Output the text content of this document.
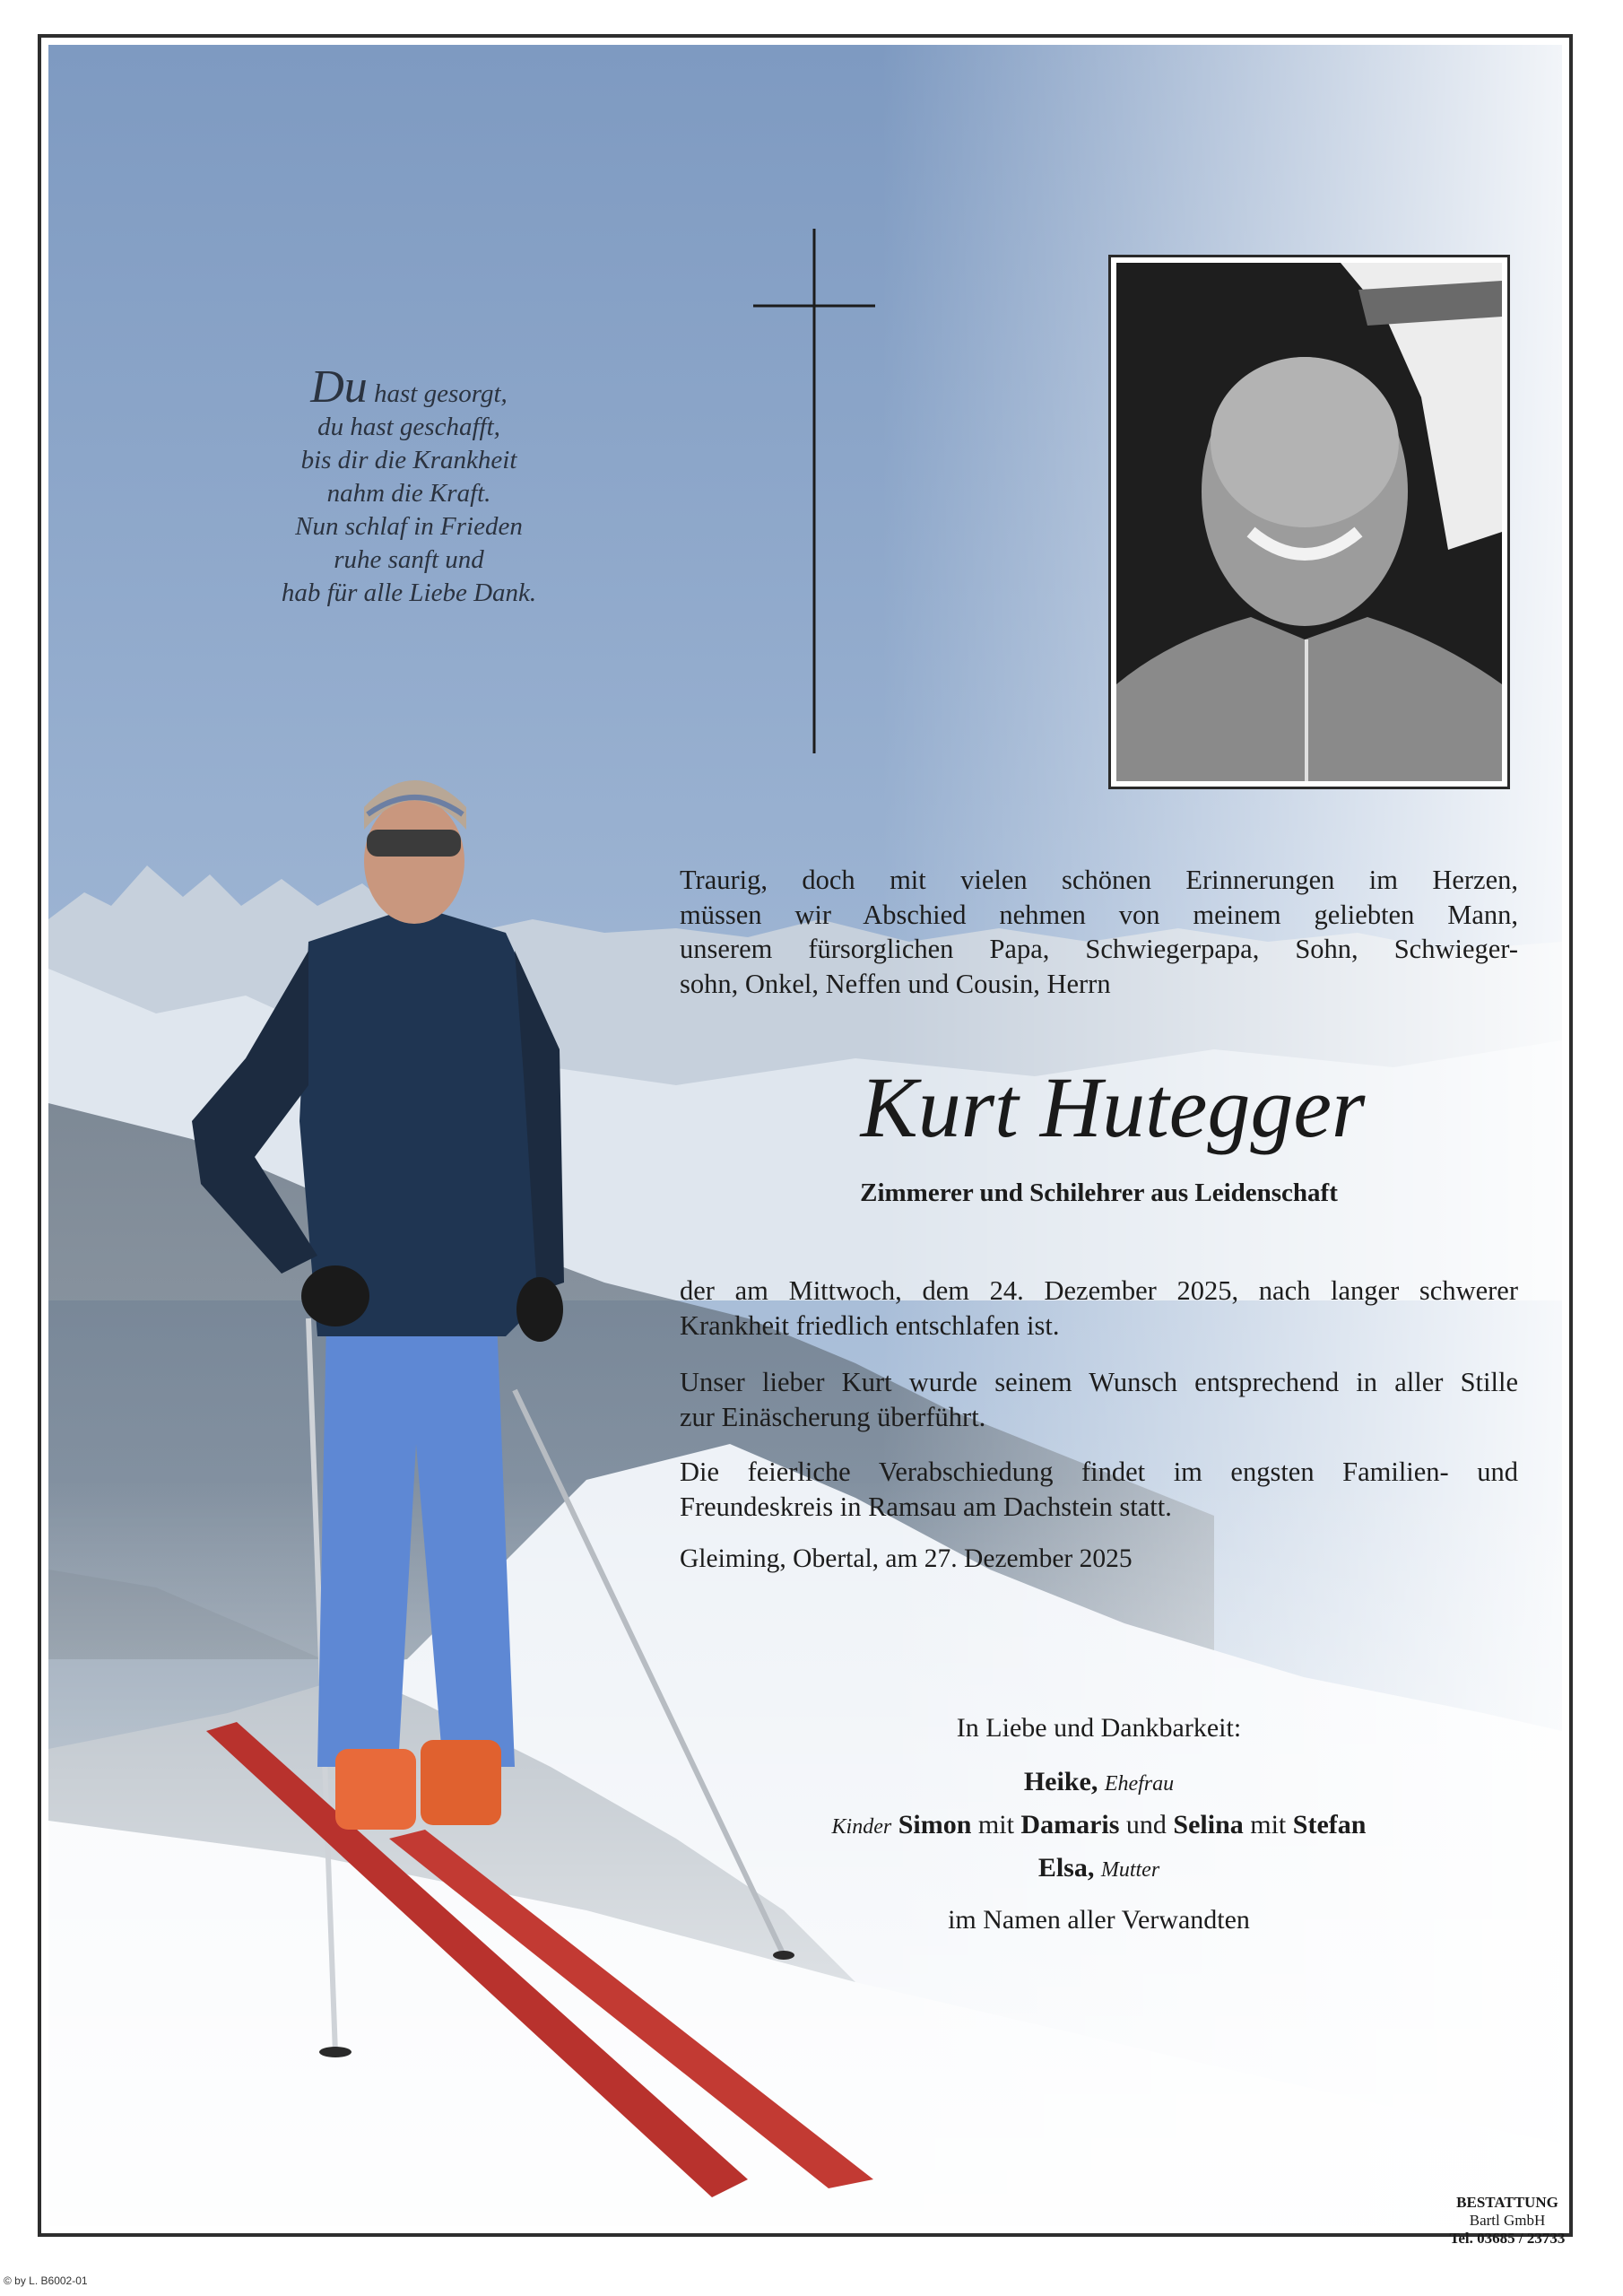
Du hast gesorgt,
du hast geschafft,
bis dir die Krankheit
nahm die Kraft.
Nun schlaf in Frieden
ruhe sanft und
hab für alle Liebe Dank.
Traurig, doch mit vielen schönen Erinnerungen im Herzen,
müssen wir Abschied nehmen von meinem geliebten Mann,
unserem fürsorglichen Papa, Schwiegerpapa, Sohn, Schwieger-
sohn, Onkel, Neffen und Cousin, Herrn
Kurt Hutegger
Zimmerer und Schilehrer aus Leidenschaft
der am Mittwoch, dem 24. Dezember 2025, nach langer schwerer
Krankheit friedlich entschlafen ist.
Unser lieber Kurt wurde seinem Wunsch entsprechend in aller Stille
zur Einäscherung überführt.
Die feierliche Verabschiedung findet im engsten Familien- und
Freundeskreis in Ramsau am Dachstein statt.
Gleiming, Obertal, am 27. Dezember 2025
In Liebe und Dankbarkeit:
Heike, Ehefrau
Kinder Simon mit Damaris und Selina mit Stefan
Elsa, Mutter
im Namen aller Verwandten
BESTATTUNG
Bartl GmbH
Tel. 03685 / 23733
© by L. B6002-01
